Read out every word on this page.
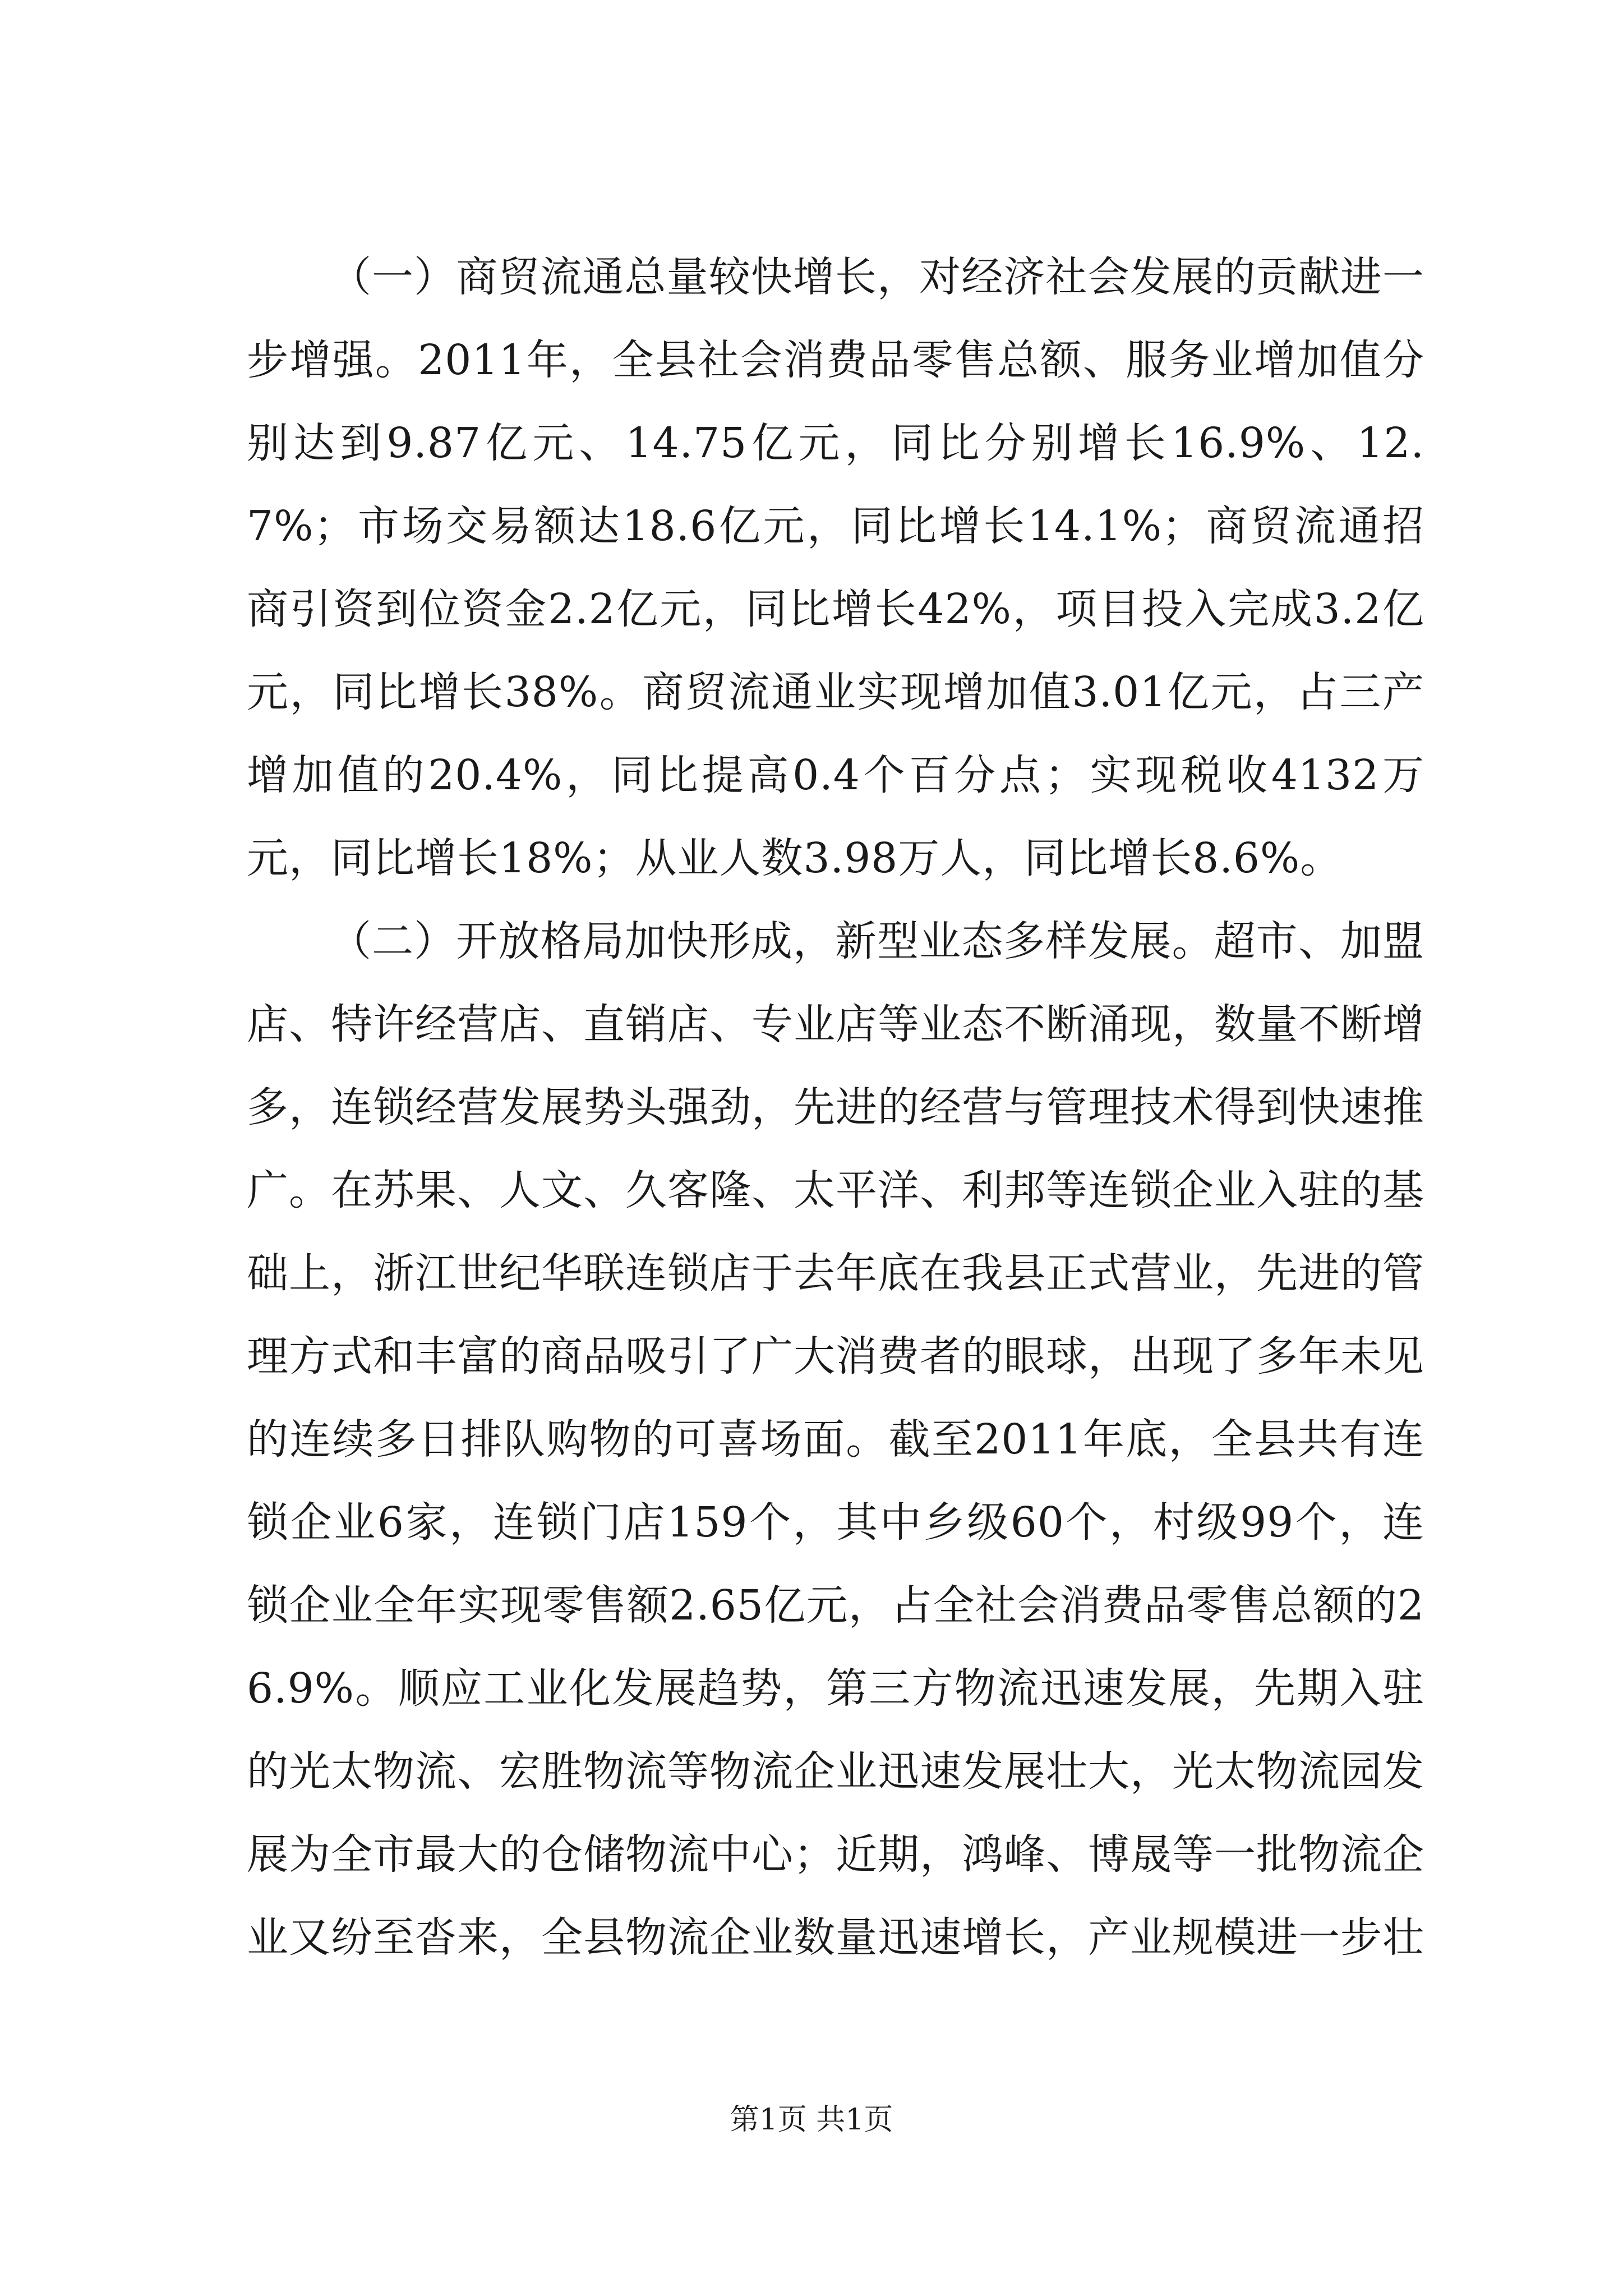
（一）商贸流通总量较快增长，对经济社会发展的贡献进一步增强。2011年，全县社会消费品零售总额、服务业增加值分别达到9.87亿元、14.75亿元，同比分别增长16.9%、12.7%；市场交易额达18.6亿元，同比增长14.1%；商贸流通招商引资到位资金2.2亿元，同比增长42%，项目投入完成3.2亿元，同比增长38%。商贸流通业实现增加值3.01亿元，占三产增加值的20.4%，同比提高0.4个百分点；实现税收4132万元，同比增长18%；从业人数3.98万人，同比增长8.6%。

（二）开放格局加快形成，新型业态多样发展。超市、加盟店、特许经营店、直销店、专业店等业态不断涌现，数量不断增多，连锁经营发展势头强劲，先进的经营与管理技术得到快速推广。在苏果、人文、久客隆、太平洋、利邦等连锁企业入驻的基础上，浙江世纪华联连锁店于去年底在我县正式营业，先进的管理方式和丰富的商品吸引了广大消费者的眼球，出现了多年未见的连续多日排队购物的可喜场面。截至2011年底，全县共有连锁企业6家，连锁门店159个，其中乡级60个，村级99个，连锁企业全年实现零售额2.65亿元，占全社会消费品零售总额的26.9%。顺应工业化发展趋势，第三方物流迅速发展，先期入驻的光太物流、宏胜物流等物流企业迅速发展壮大，光太物流园发展为全市最大的仓储物流中心；近期，鸿峰、博晟等一批物流企业又纷至沓来，全县物流企业数量迅速增长，产业规模进一步壮

第1页 共1页
